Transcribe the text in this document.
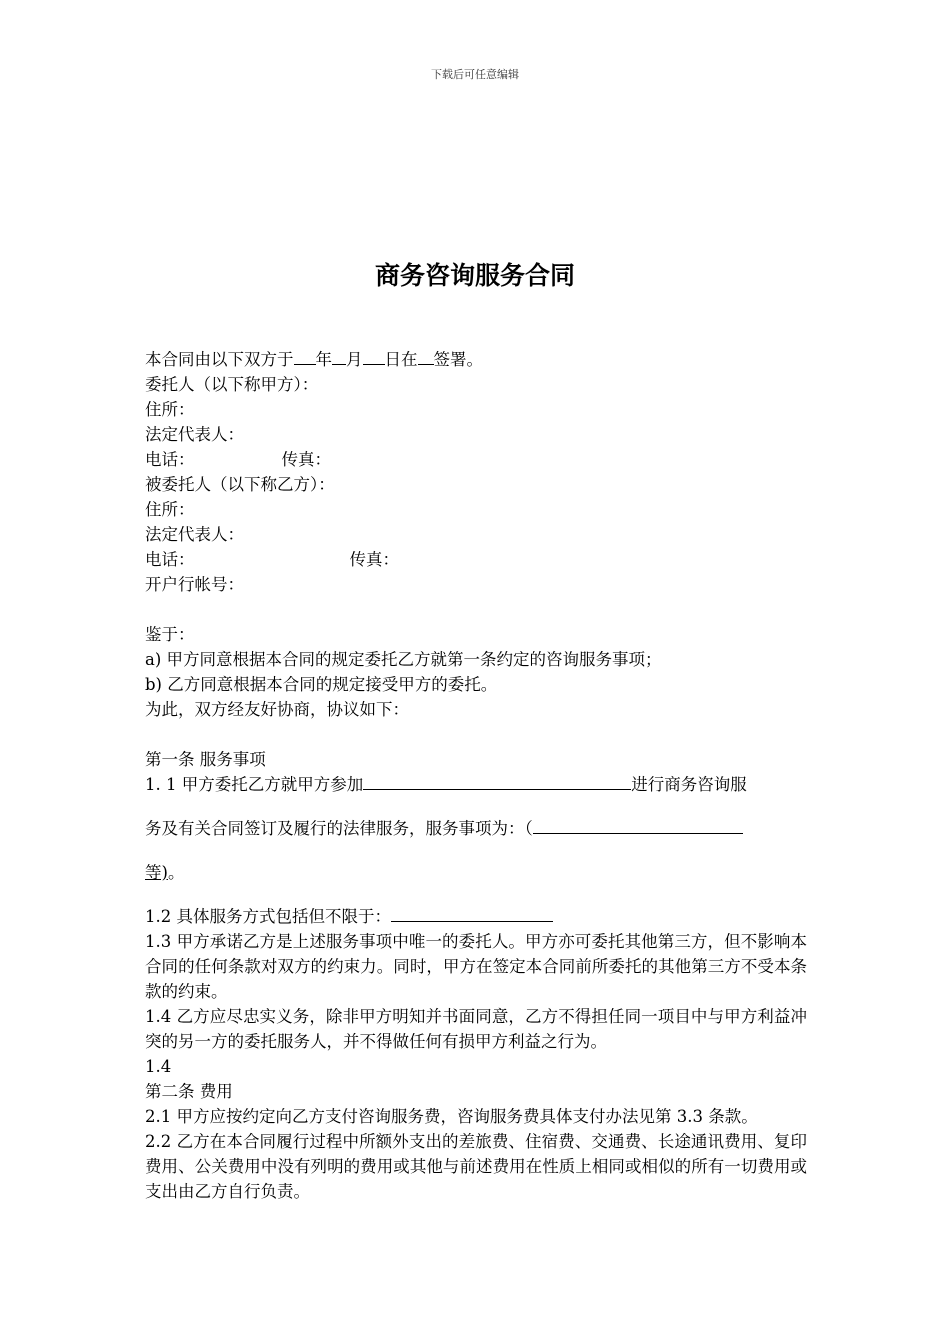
下载后可任意编辑
商务咨询服务合同
本合同由以下双方于 年 月 日在 签署。
委托人（以下称甲方）：
住所：
法定代表人：
电话：	传真：
被委托人（以下称乙方）：
住所：
法定代表人：
电话：	传真：
开户行帐号：
鉴于：
a) 甲方同意根据本合同的规定委托乙方就第一条约定的咨询服务事项；
b) 乙方同意根据本合同的规定接受甲方的委托。
为此，双方经友好协商，协议如下：
第一条 服务事项
1. 1 甲方委托乙方就甲方参加	进行商务咨询服
务及有关合同签订及履行的法律服务，服务事项为：（
等)。
1.2 具体服务方式包括但不限于：
1.3 甲方承诺乙方是上述服务事项中唯一的委托人。甲方亦可委托其他第三方，但不影响本合同的任何条款对双方的约束力。同时，甲方在签定本合同前所委托的其他第三方不受本条款的约束。
1.4 乙方应尽忠实义务，除非甲方明知并书面同意，乙方不得担任同一项目中与甲方利益冲突的另一方的委托服务人，并不得做任何有损甲方利益之行为。
1.4
第二条 费用
2.1 甲方应按约定向乙方支付咨询服务费，咨询服务费具体支付办法见第 3.3 条款。
2.2 乙方在本合同履行过程中所额外支出的差旅费、住宿费、交通费、长途通讯费用、复印费用、公关费用中没有列明的费用或其他与前述费用在性质上相同或相似的所有一切费用或支出由乙方自行负责。
